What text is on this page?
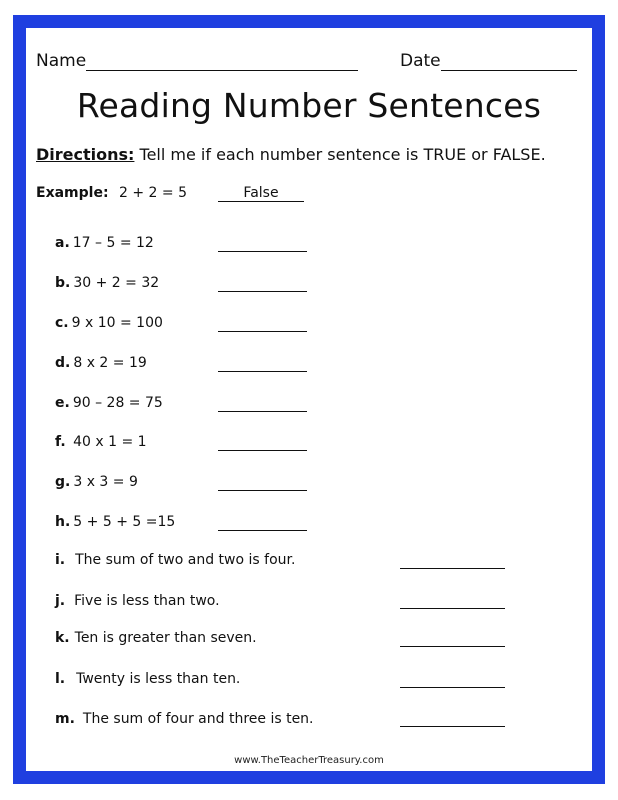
Name	Date
Reading Number Sentences
Directions: Tell me if each number sentence is TRUE or FALSE.
Example: 2 + 2 = 5	False
a. 17 – 5 = 12
b. 30 + 2 = 32
c. 9 x 10 = 100
d. 8 x 2 = 19
e. 90 – 28 = 75
f. 40 x 1 = 1
g. 3 x 3 = 9
h. 5 + 5 + 5 =15
i. The sum of two and two is four.
j. Five is less than two.
k. Ten is greater than seven.
l. Twenty is less than ten.
m. The sum of four and three is ten.
www.TheTeacherTreasury.com
